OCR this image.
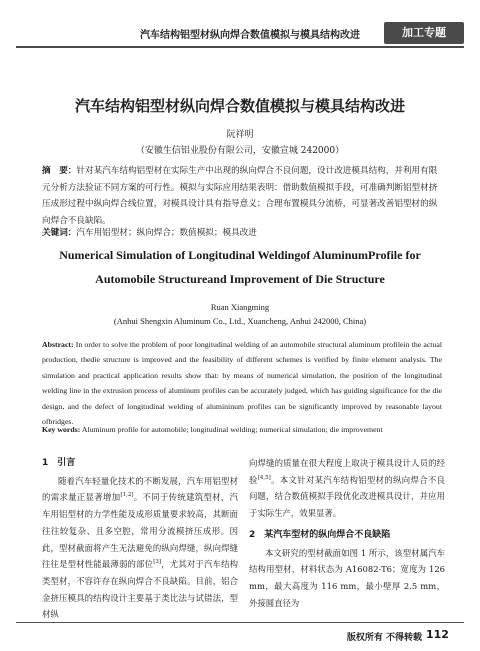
汽车结构铝型材纵向焊合数值模拟与模具结构改进	加工专题
汽车结构铝型材纵向焊合数值模拟与模具结构改进
阮祥明
（安徽生信铝业股份有限公司，安徽宣城 242000）
摘　要：针对某汽车结构铝型材在实际生产中出现的纵向焊合不良问题，设计改进模具结构，并利用有限元分析方法验证不同方案的可行性。模拟与实际应用结果表明：借助数值模拟手段，可准确判断铝型材挤压成形过程中纵向焊合线位置，对模具设计具有指导意义；合理布置模具分流桥，可显著改善铝型材的纵向焊合不良缺陷。
关键词：汽车用铝型材；纵向焊合；数值模拟；模具改进
Numerical Simulation of Longitudinal Weldingof AluminumProfile for Automobile Structureand Improvement of Die Structure
Ruan Xiangming
(Anhui Shengxin Aluminum Co., Ltd., Xuancheng, Anhui 242000, China)
Abstract: In order to solve the problem of poor longitudinal welding of an automobile structural aluminum profilein the actual production, thedie structure is improved and the feasibility of different schemes is verified by finite element analysis. The simulation and practical application results show that: by means of numerical simulation, the position of the longitudinal welding line in the extrusion process of aluminum profiles can be accurately judged, which has guiding significance for the die design, and the defect of longitudinal welding of alumininum profiles can be significantly improved by reasonable layout ofbridges.
Key words: Aluminum profile for automobile; longitudinal welding; numerical simulation; die improvement
1　引言

随着汽车轻量化技术的不断发展，汽车用铝型材的需求量正显著增加[1,2]。不同于传统建筑型材，汽车用铝型材的力学性能及成形质量要求较高，其断面往往较复杂、且多空腔，常用分流模挤压成形。因此，型材截面将产生无法避免的纵向焊缝，纵向焊缝往往是型材性能最薄弱的部位[3]，尤其对于汽车结构类型材，不容许存在纵向焊合不良缺陷。目前，铝合金挤压模具的结构设计主要基于类比法与试错法，型材纵

向焊缝的质量在很大程度上取决于模具设计人员的经验[4,5]。本文针对某汽车结构铝型材的纵向焊合不良问题，结合数值模拟手段优化改进模具设计，并应用于实际生产，效果显著。

2　某汽车型材的纵向焊合不良缺陷

本文研究的型材截面如图 1 所示，该型材属汽车结构用型材，材料状态为 A16082-T6；宽度为 126 mm，最大高度为 116 mm，最小壁厚 2.5 mm，外接圆直径为

版权所有 不得转载 112
